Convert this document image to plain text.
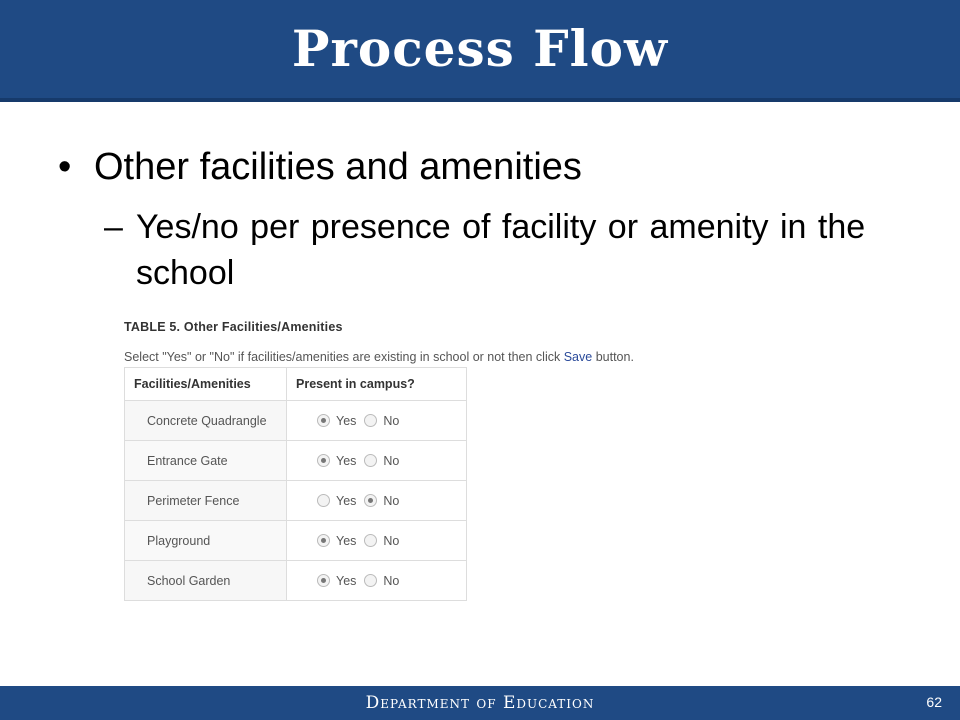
Process Flow
• Other facilities and amenities
– Yes/no per presence of facility or amenity in the school
TABLE 5. Other Facilities/Amenities
Select "Yes" or "No" if facilities/amenities are existing in school or not then click Save button.
Facilities/Amenities	Present in campus?
Concrete Quadrangle	Yes No
Entrance Gate	Yes No
Perimeter Fence	Yes No
Playground	Yes No
School Garden	Yes No
Department of Education	62
